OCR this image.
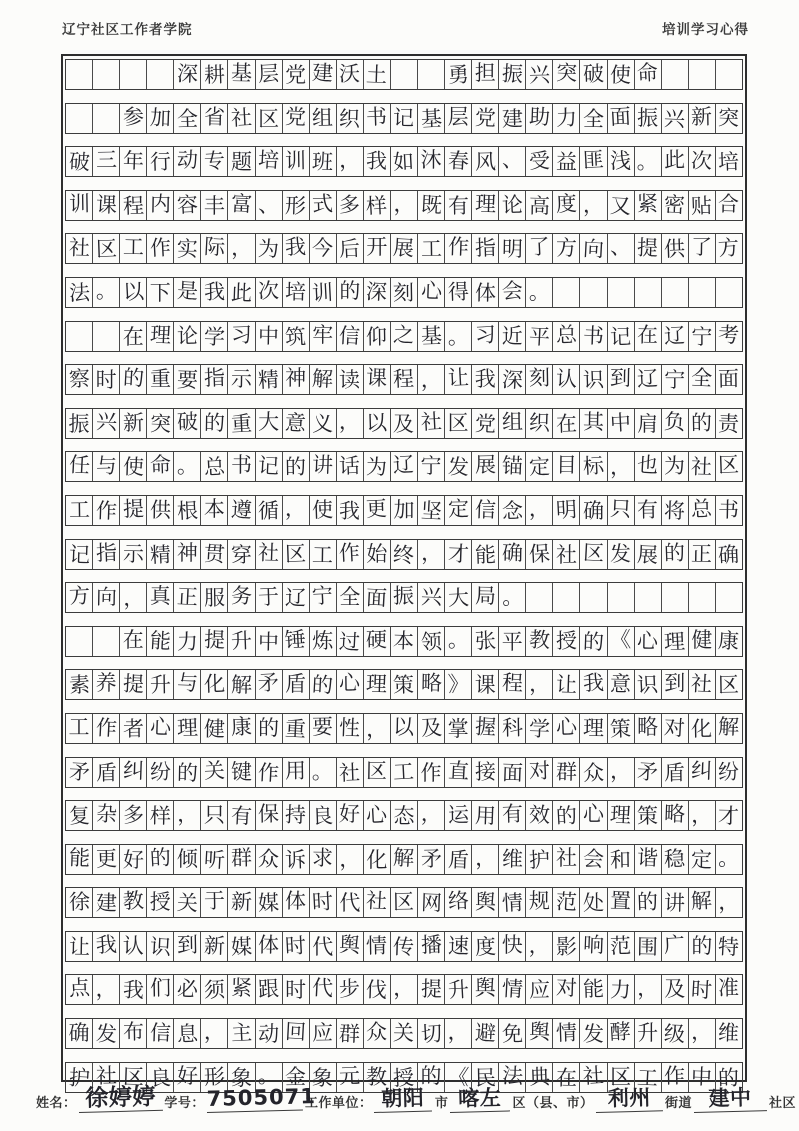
辽宁社区工作者学院	培训学习心得
深 耕 基 层 党 建 沃 土	勇 担 振 兴 突 破 使 命
参 加 全 省 社 区 党 组 织 书 记 基 层 党 建 助 力 全 面 振 兴 新 突
破 三 年 行 动 专 题 培 训 班 ， 我 如 沐 春 风 、 受 益 匪 浅 。 此 次 培
训 课 程 内 容 丰 富 、 形 式 多 样 ， 既 有 理 论 高 度 ， 又 紧 密 贴 合
社 区 工 作 实 际 ， 为 我 今 后 开 展 工 作 指 明 了 方 向 、 提 供 了 方
法 。 以 下 是 我 此 次 培 训 的 深 刻 心 得 体 会 。
在 理 论 学 习 中 筑 牢 信 仰 之 基 。 习 近 平 总 书 记 在 辽 宁 考
察 时 的 重 要 指 示 精 神 解 读 课 程 ， 让 我 深 刻 认 识 到 辽 宁 全 面
振 兴 新 突 破 的 重 大 意 义 ， 以 及 社 区 党 组 织 在 其 中 肩 负 的 责
任 与 使 命 。 总 书 记 的 讲 话 为 辽 宁 发 展 锚 定 目 标 ， 也 为 社 区
工 作 提 供 根 本 遵 循 ， 使 我 更 加 坚 定 信 念 ， 明 确 只 有 将 总 书
记 指 示 精 神 贯 穿 社 区 工 作 始 终 ， 才 能 确 保 社 区 发 展 的 正 确
方 向 ， 真 正 服 务 于 辽 宁 全 面 振 兴 大 局 。
在 能 力 提 升 中 锤 炼 过 硬 本 领 。 张 平 教 授 的 《 心 理 健 康
素 养 提 升 与 化 解 矛 盾 的 心 理 策 略 》 课 程 ， 让 我 意 识 到 社 区
工 作 者 心 理 健 康 的 重 要 性 ， 以 及 掌 握 科 学 心 理 策 略 对 化 解
矛 盾 纠 纷 的 关 键 作 用 。 社 区 工 作 直 接 面 对 群 众 ， 矛 盾 纠 纷
复 杂 多 样 ， 只 有 保 持 良 好 心 态 ， 运 用 有 效 的 心 理 策 略 ， 才
能 更 好 的 倾 听 群 众 诉 求 ， 化 解 矛 盾 ， 维 护 社 会 和 谐 稳 定 。
徐 建 教 授 关 于 新 媒 体 时 代 社 区 网 络 舆 情 规 范 处 置 的 讲 解 ，
让 我 认 识 到 新 媒 体 时 代 舆 情 传 播 速 度 快 ， 影 响 范 围 广 的 特
点 ， 我 们 必 须 紧 跟 时 代 步 伐 ， 提 升 舆 情 应 对 能 力 ， 及 时 准
确 发 布 信 息 ， 主 动 回 应 群 众 关 切 ， 避 免 舆 情 发 酵 升 级 ， 维
护 社 区 良 好 形 象 。 金 象 元 教 授 的 《 民 法 典 在 社 区 工 作 中 的
姓名： 徐婷婷 学号： 7505071
工作单位： 朝阳 市 喀左 区（县、市） 利州	街道 建中	社区
